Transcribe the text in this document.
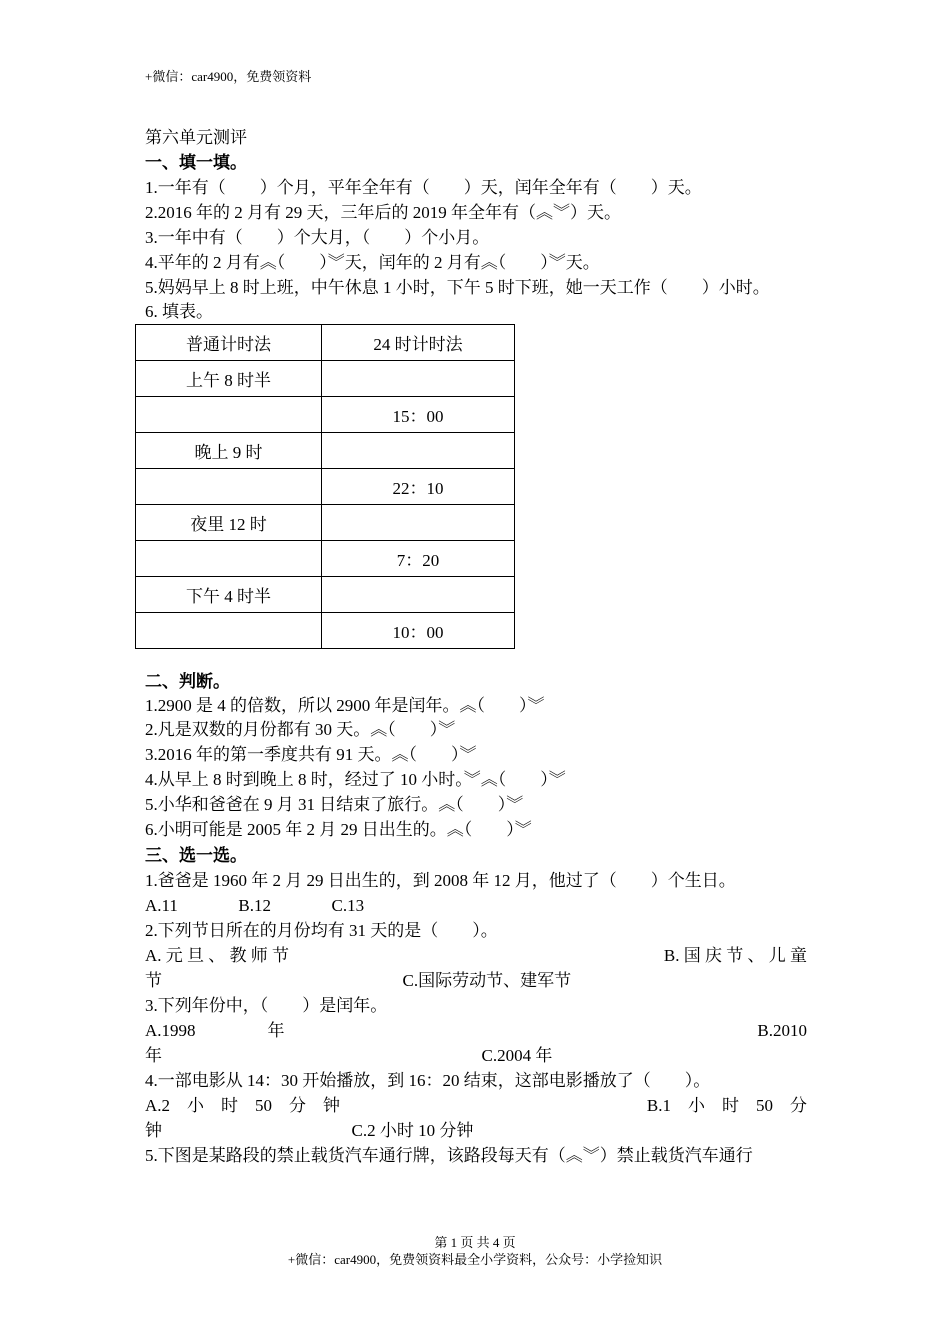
+微信：car4900，免费领资料
第六单元测评
一、填一填。
1.一年有（　　）个月，平年全年有（　　）天，闰年全年有（　　）天。
2.2016 年的 2 月有 29 天，三年后的 2019 年全年有（︽︾）天。
3.一年中有（　　）个大月，（　　）个小月。
4.平年的 2 月有︽（　　）︾天，闰年的 2 月有︽（　　）︾天。
5.妈妈早上 8 时上班，中午休息 1 小时，下午 5 时下班，她一天工作（　　）小时。
6. 填表。
普通计时法	24 时计时法
上午 8 时半	
	15：00
晚上 9 时	
	22：10
夜里 12 时	
	7：20
下午 4 时半	
	10：00
二、判断。
1.2900 是 4 的倍数，所以 2900 年是闰年。︽（　　）︾
2.凡是双数的月份都有 30 天。︽（　　）︾
3.2016 年的第一季度共有 91 天。︽（　　）︾
4.从早上 8 时到晚上 8 时，经过了 10 小时。︾︽（　　）︾
5.小华和爸爸在 9 月 31 日结束了旅行。︽（　　）︾
6.小明可能是 2005 年 2 月 29 日出生的。︽（　　）︾
三、选一选。
1.爸爸是 1960 年 2 月 29 日出生的，到 2008 年 12 月，他过了（　　）个生日。
A.11	B.12	C.13
2.下列节日所在的月份均有 31 天的是（　　）。
A. 元 旦 、 教 师 节	B. 国 庆 节 、 儿 童
节	C.国际劳动节、建军节
3.下列年份中，（　　）是闰年。
A.1998	年	B.2010
年	C.2004 年
4.一部电影从 14：30 开始播放，到 16：20 结束，这部电影播放了（　　）。
A.2　小　时　50　分　钟	B.1　小　时　50　分
钟	C.2 小时 10 分钟
5.下图是某路段的禁止载货汽车通行牌，该路段每天有（︽︾）禁止载货汽车通行
第 1 页 共 4 页
+微信：car4900，免费领资料最全小学资料，公众号：小学捡知识
